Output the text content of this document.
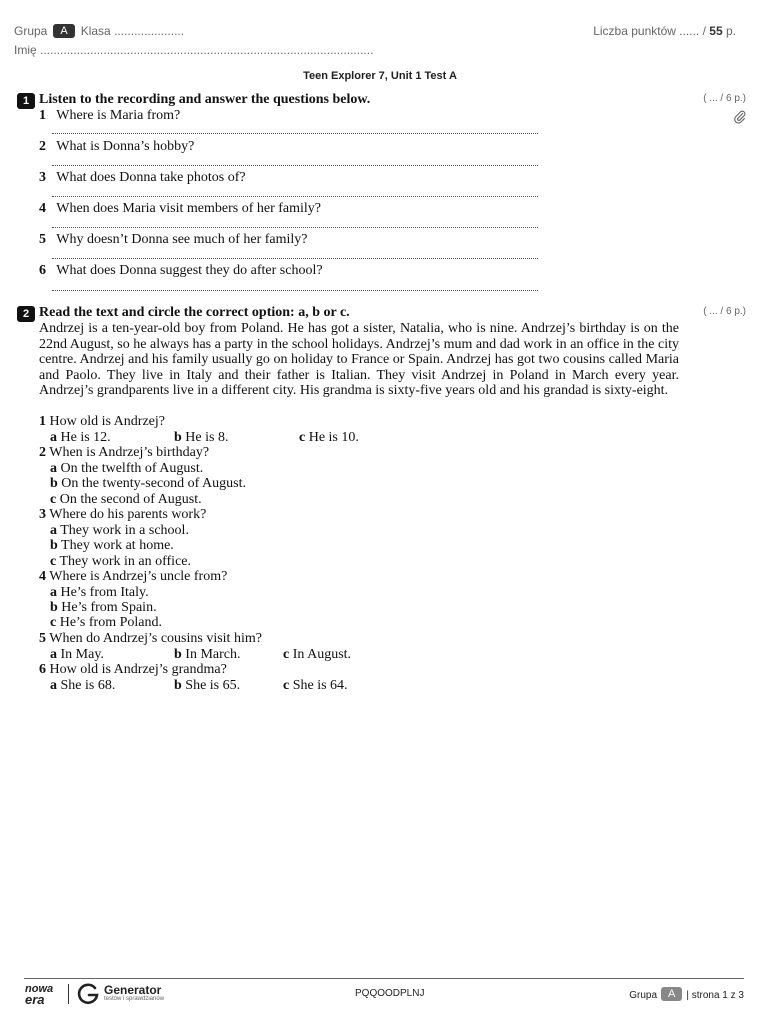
Grupa A Klasa .....................
Imię ....................................................................................................
Liczba punktów ...... / 55 p.
Teen Explorer 7, Unit 1 Test A
1 Listen to the recording and answer the questions below.	( ... / 6 p.)
1 Where is Maria from?
2 What is Donna’s hobby?
3 What does Donna take photos of?
4 When does Maria visit members of her family?
5 Why doesn’t Donna see much of her family?
6 What does Donna suggest they do after school?
2 Read the text and circle the correct option: a, b or c.	( ... / 6 p.)
Andrzej is a ten-year-old boy from Poland. He has got a sister, Natalia, who is nine. Andrzej’s birthday is on the 22nd August, so he always has a party in the school holidays. Andrzej’s mum and dad work in an office in the city centre. Andrzej and his family usually go on holiday to France or Spain. Andrzej has got two cousins called Maria and Paolo. They live in Italy and their father is Italian. They visit Andrzej in Poland in March every year. Andrzej’s grandparents live in a different city. His grandma is sixty-five years old and his grandad is sixty-eight.
1 How old is Andrzej?
a He is 12.	b He is 8.	c He is 10.
2 When is Andrzej’s birthday?
a On the twelfth of August.
b On the twenty-second of August.
c On the second of August.
3 Where do his parents work?
a They work in a school.
b They work at home.
c They work in an office.
4 Where is Andrzej’s uncle from?
a He’s from Italy.
b He’s from Spain.
c He’s from Poland.
5 When do Andrzej’s cousins visit him?
a In May.	b In March.	c In August.
6 How old is Andrzej’s grandma?
a She is 68.	b She is 65.	c She is 64.
nowa
era
Generator
testów i sprawdzianów	PQQOODPLNJ	Grupa A | strona 1 z 3
